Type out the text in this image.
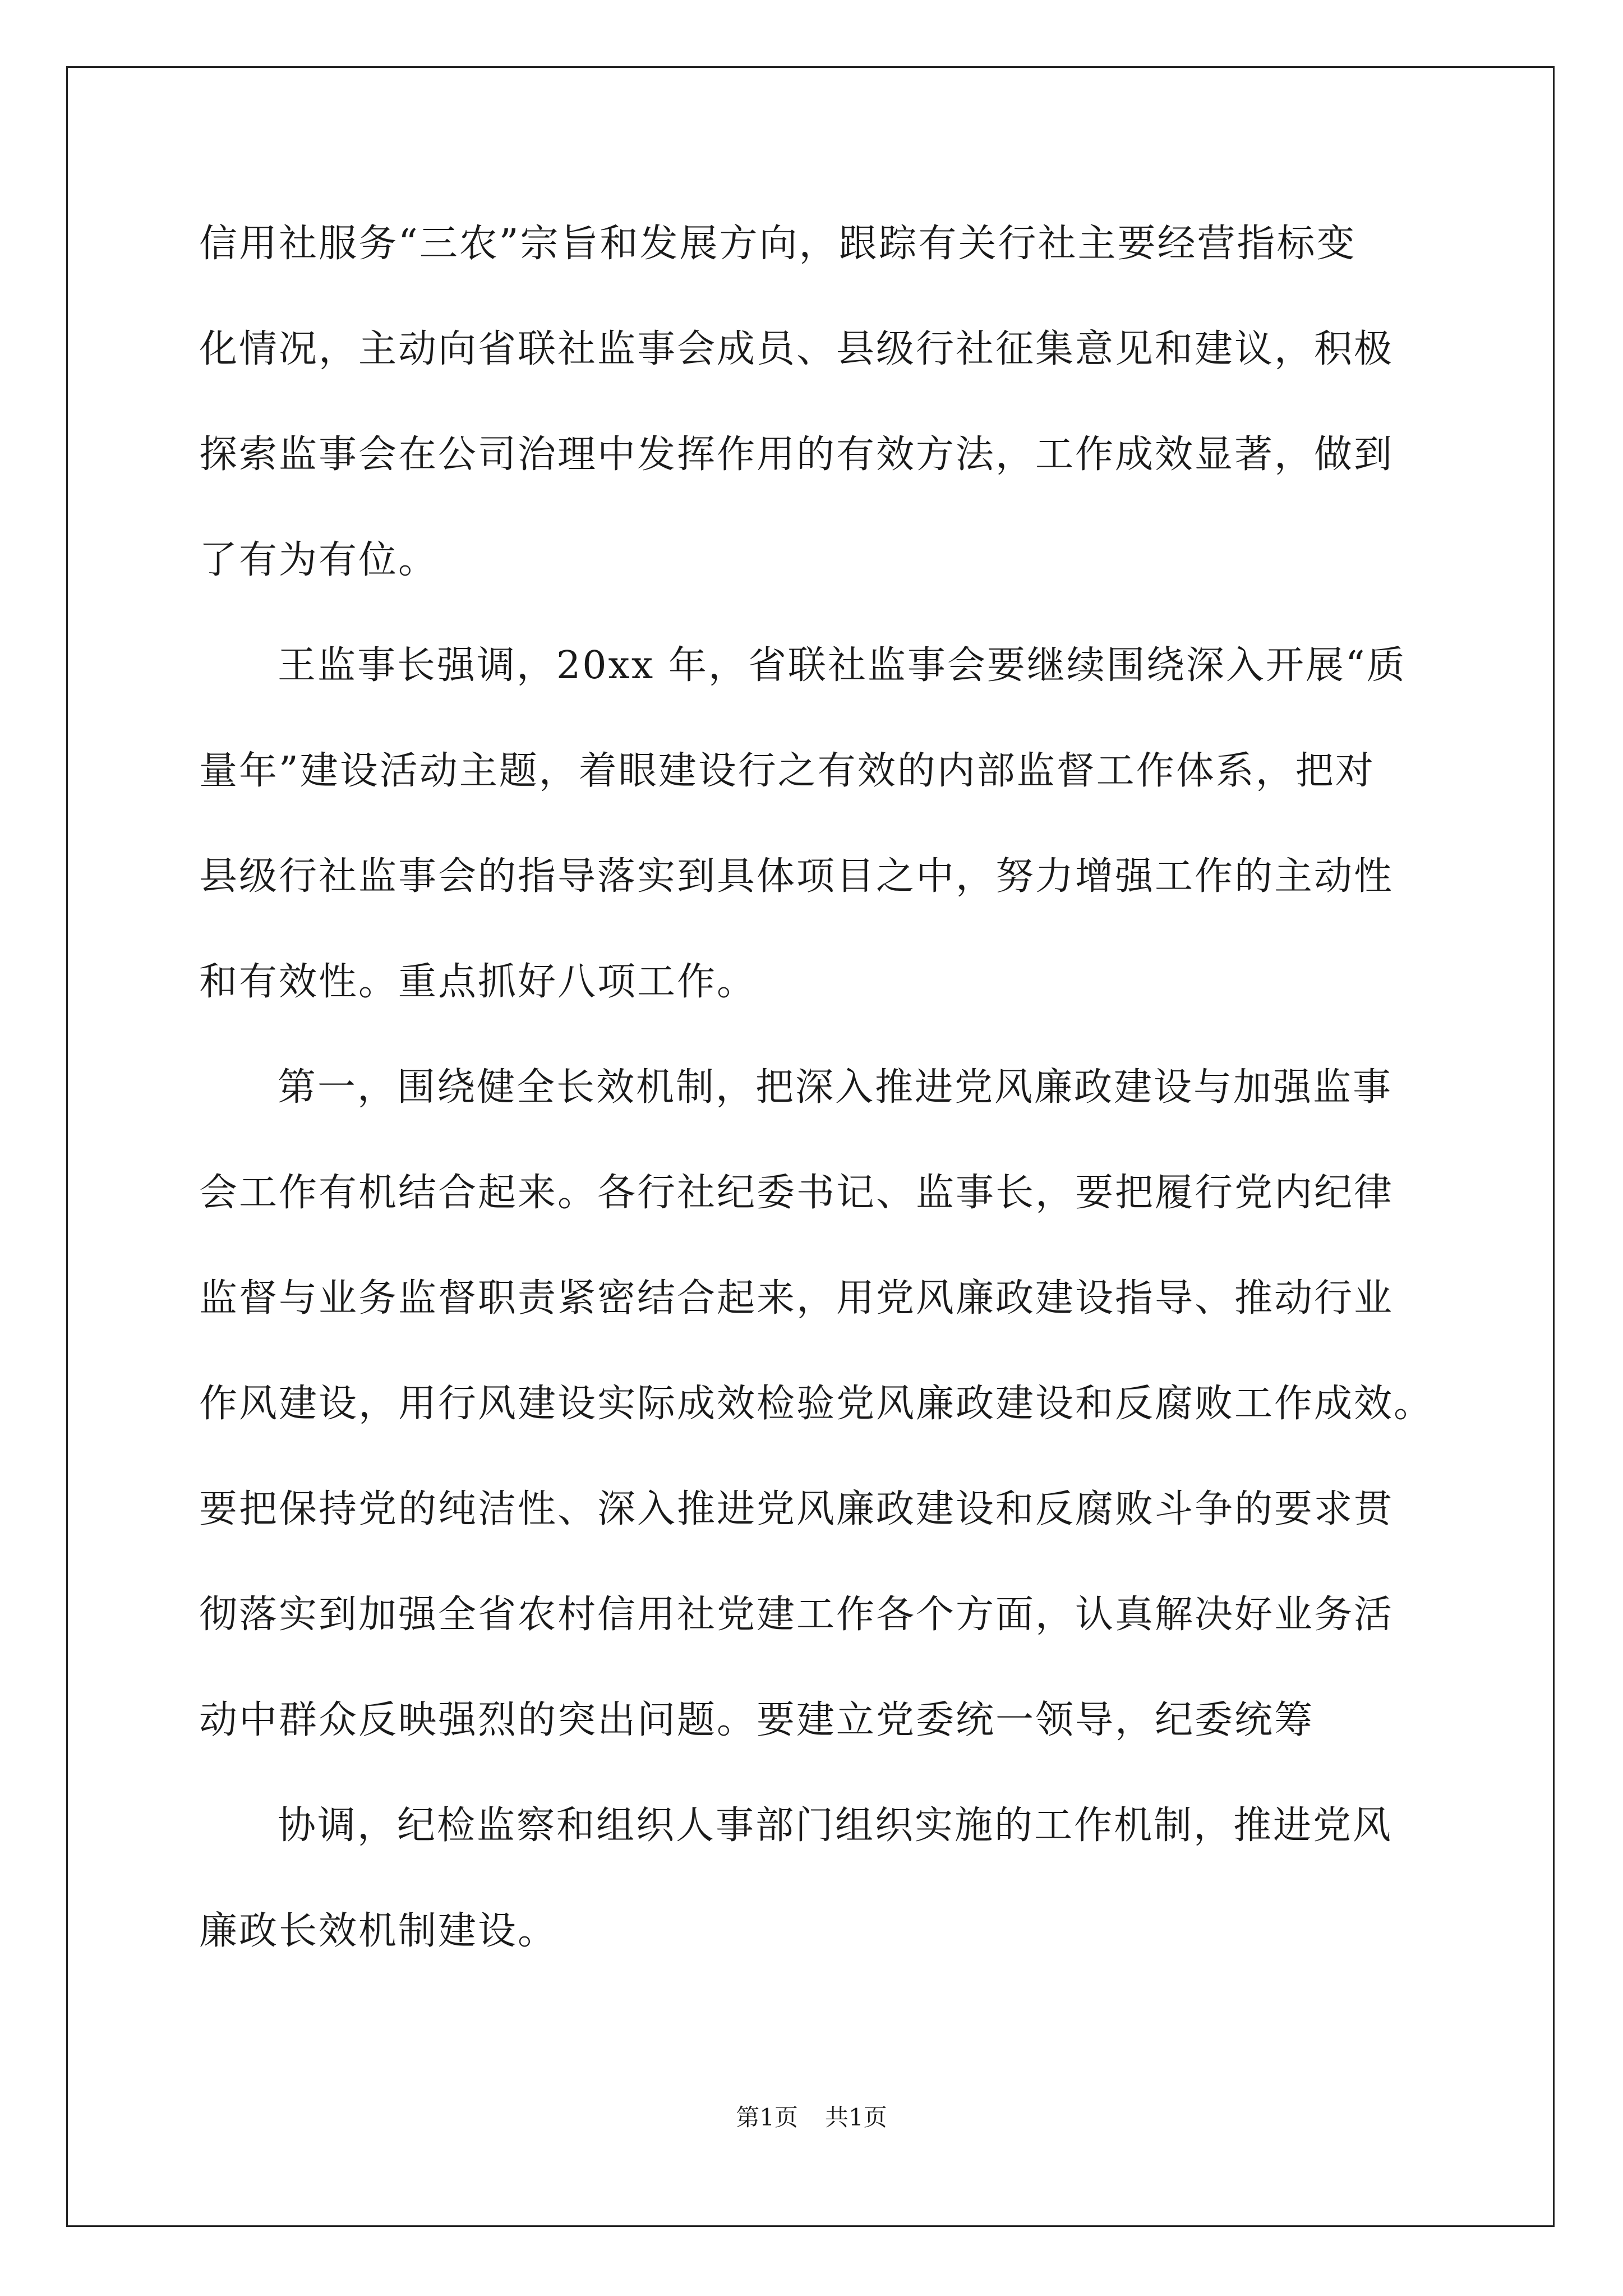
信用社服务“三农”宗旨和发展方向，跟踪有关行社主要经营指标变
化情况，主动向省联社监事会成员、县级行社征集意见和建议，积极
探索监事会在公司治理中发挥作用的有效方法，工作成效显著，做到
了有为有位。
王监事长强调，20xx 年，省联社监事会要继续围绕深入开展“质
量年”建设活动主题，着眼建设行之有效的内部监督工作体系，把对
县级行社监事会的指导落实到具体项目之中，努力增强工作的主动性
和有效性。重点抓好八项工作。
第一，围绕健全长效机制，把深入推进党风廉政建设与加强监事
会工作有机结合起来。各行社纪委书记、监事长，要把履行党内纪律
监督与业务监督职责紧密结合起来，用党风廉政建设指导、推动行业
作风建设，用行风建设实际成效检验党风廉政建设和反腐败工作成效。
要把保持党的纯洁性、深入推进党风廉政建设和反腐败斗争的要求贯
彻落实到加强全省农村信用社党建工作各个方面，认真解决好业务活
动中群众反映强烈的突出问题。要建立党委统一领导，纪委统筹
协调，纪检监察和组织人事部门组织实施的工作机制，推进党风
廉政长效机制建设。
第1页 共1页
